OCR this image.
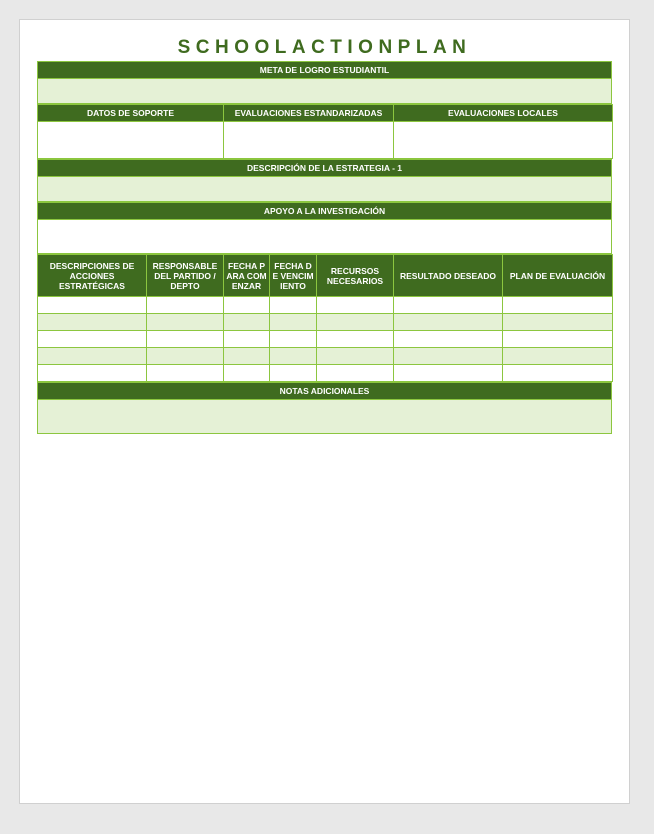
SCHOOLACTIONPLAN
META DE LOGRO ESTUDIANTIL

DATOS DE SOPORTE	EVALUACIONES ESTANDARIZADAS	EVALUACIONES LOCALES

DESCRIPCIÓN DE LA ESTRATEGIA - 1

APOYO A LA INVESTIGACIÓN

DESCRIPCIONES DE ACCIONES ESTRATÉGICAS	RESPONSABLE DEL PARTIDO / DEPTO	FECHA PARA COMENZAR	FECHA DE VENCIMIENTO	RECURSOS NECESARIOS	RESULTADO DESEADO	PLAN DE EVALUACIÓN

NOTAS ADICIONALES
